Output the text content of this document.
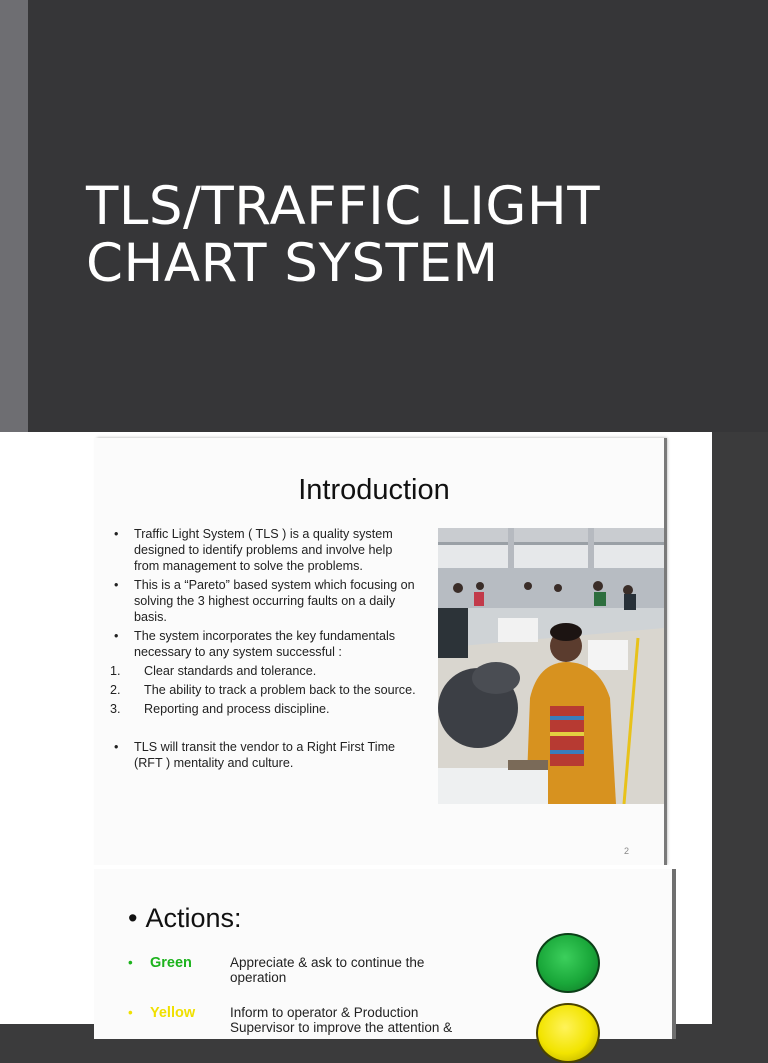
TLS/TRAFFIC LIGHT
CHART SYSTEM
Introduction
• Traffic Light System ( TLS ) is a quality system designed to identify problems and involve help from management to solve the problems.
• This is a “Pareto” based system which focusing on solving the 3 highest occurring faults on a daily basis.
• The system incorporates the key fundamentals necessary to any system successful :
1. Clear standards and tolerance.
2. The ability to track a problem back to the source.
3. Reporting and process discipline.
• TLS will transit the vendor to a Right First Time (RFT ) mentality and culture.
2
• Actions:
• Green	Appreciate & ask to continue the operation
• Yellow	Inform to operator & Production Supervisor to improve the attention &
